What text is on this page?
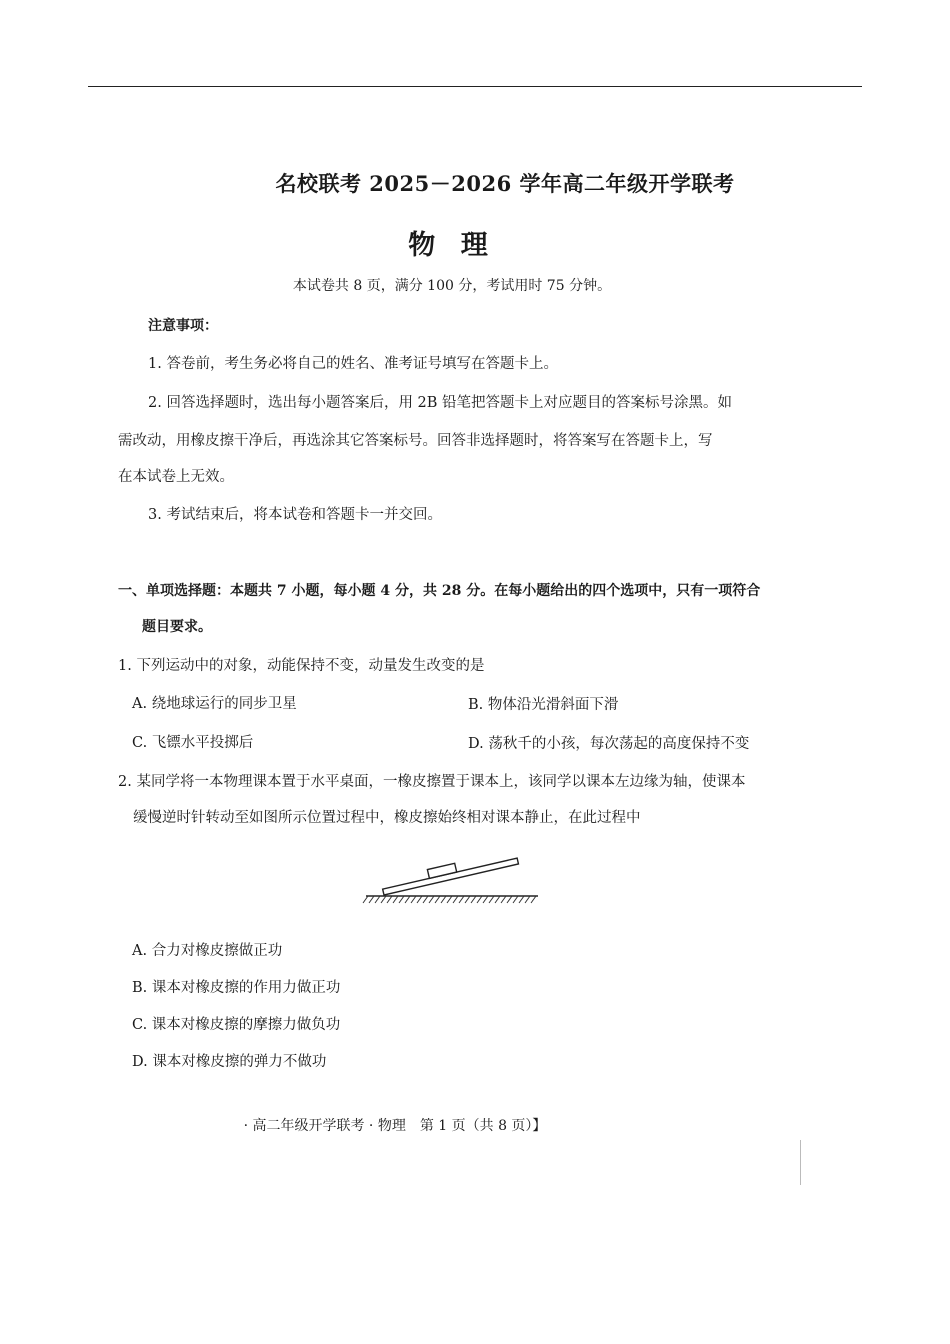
名校联考 2025－2026 学年高二年级开学联考
物 理
本试卷共 8 页，满分 100 分，考试用时 75 分钟。
注意事项：
1. 答卷前，考生务必将自己的姓名、准考证号填写在答题卡上。
2. 回答选择题时，选出每小题答案后，用 2B 铅笔把答题卡上对应题目的答案标号涂黑。如
需改动，用橡皮擦干净后，再选涂其它答案标号。回答非选择题时，将答案写在答题卡上，写
在本试卷上无效。
3. 考试结束后，将本试卷和答题卡一并交回。
一、单项选择题：本题共 7 小题，每小题 4 分，共 28 分。在每小题给出的四个选项中，只有一项符合
题目要求。
1. 下列运动中的对象，动能保持不变，动量发生改变的是
A. 绕地球运行的同步卫星	B. 物体沿光滑斜面下滑
C. 飞镖水平投掷后	D. 荡秋千的小孩，每次荡起的高度保持不变
2. 某同学将一本物理课本置于水平桌面，一橡皮擦置于课本上，该同学以课本左边缘为轴，使课本
缓慢逆时针转动至如图所示位置过程中，橡皮擦始终相对课本静止，在此过程中
A. 合力对橡皮擦做正功
B. 课本对橡皮擦的作用力做正功
C. 课本对橡皮擦的摩擦力做负功
D. 课本对橡皮擦的弹力不做功
· 高二年级开学联考 · 物理　第 1 页（共 8 页）】
